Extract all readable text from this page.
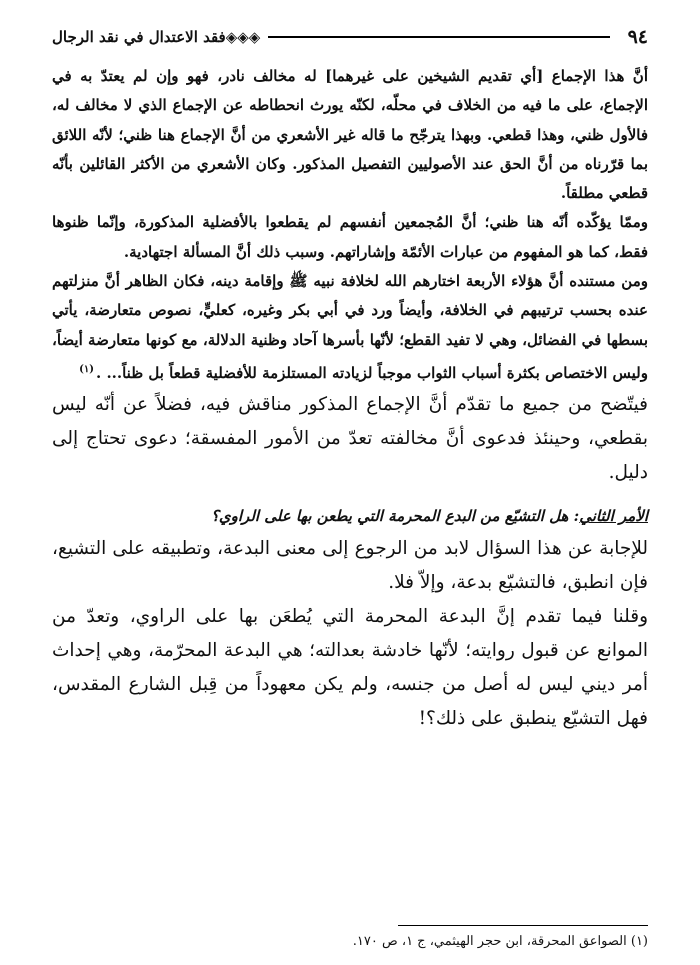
٩٤
◈◈◈فقد الاعتدال في نقد الرجال

أنَّ هذا الإجماع [أي تقديم الشيخين على غيرهما] له مخالف نادر، فهو وإن لم يعتدّ به في الإجماع، على ما فيه من الخلاف في محلّه، لكنّه يورث انحطاطه عن الإجماع الذي لا مخالف له، فالأول ظني، وهذا قطعي. وبهذا يترجّح ما قاله غير الأشعري من أنَّ الإجماع هنا ظني؛ لأنّه اللائق بما قرّرناه من أنَّ الحق عند الأصوليين التفصيل المذكور. وكان الأشعري من الأكثر القائلين بأنّه قطعي مطلقاً.

وممّا يؤكّده أنّه هنا ظني؛ أنَّ المُجمعين أنفسهم لم يقطعوا بالأفضلية المذكورة، وإنّما ظنوها فقط، كما هو المفهوم من عبارات الأئمّة وإشاراتهم. وسبب ذلك أنَّ المسألة اجتهادية.

ومن مستنده أنَّ هؤلاء الأربعة اختارهم الله لخلافة نبيه ﷺ وإقامة دينه، فكان الظاهر أنَّ منزلتهم عنده بحسب ترتيبهم في الخلافة، وأيضاً ورد في أبي بكر وغيره، كعليٍّ، نصوص متعارضة، يأتي بسطها في الفضائل، وهي لا تفيد القطع؛ لأنّها بأسرها آحاد وظنية الدلالة، مع كونها متعارضة أيضاً، وليس الاختصاص بكثرة أسباب الثواب موجباً لزيادته المستلزمة للأفضلية قطعاً بل ظناً... .$^{(١)}$

فيتّضح من جميع ما تقدّم أنَّ الإجماع المذكور مناقش فيه، فضلاً عن أنّه ليس بقطعي، وحينئذ فدعوى أنَّ مخالفته تعدّ من الأمور المفسقة؛ دعوى تحتاج إلى دليل.

الأمر الثاني: هل التشيّع من البدع المحرمة التي يطعن بها على الراوي؟

للإجابة عن هذا السؤال لابد من الرجوع إلى معنى البدعة، وتطبيقه على التشيع، فإن انطبق، فالتشيّع بدعة، وإلاّ فلا.

وقلنا فيما تقدم إنَّ البدعة المحرمة التي يُطعَن بها على الراوي، وتعدّ من الموانع عن قبول روايته؛ لأنّها خادشة بعدالته؛ هي البدعة المحرّمة، وهي إحداث أمر ديني ليس له أصل من جنسه، ولم يكن معهوداً من قِبل الشارع المقدس، فهل التشيّع ينطبق على ذلك؟!

(١) الصواعق المحرقة، ابن حجر الهيثمي، ج ١، ص ١٧٠.
